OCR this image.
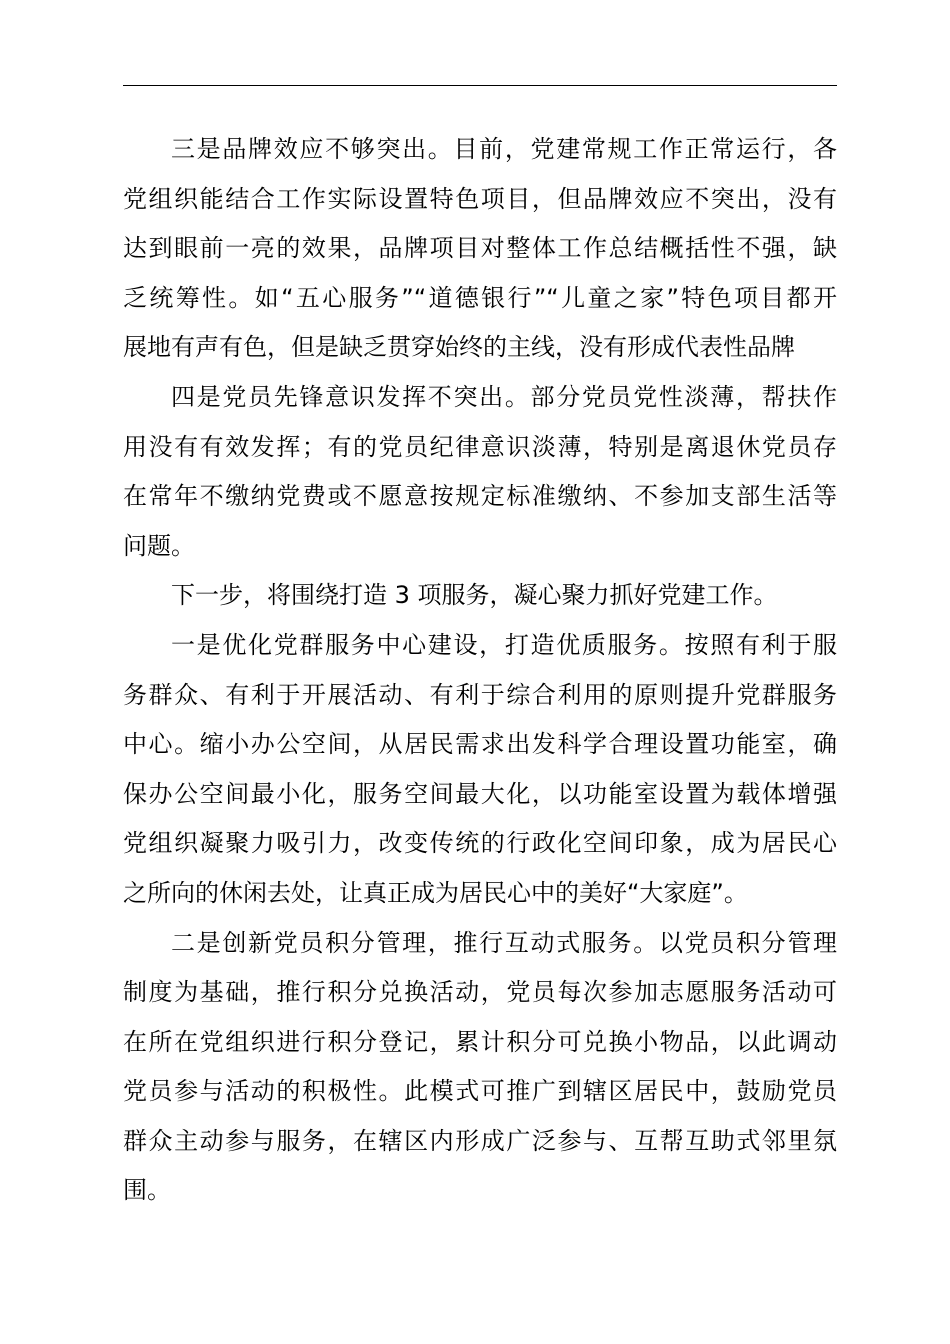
三是品牌效应不够突出。目前，党建常规工作正常运行，各
党组织能结合工作实际设置特色项目，但品牌效应不突出，没有
达到眼前一亮的效果，品牌项目对整体工作总结概括性不强，缺
乏统筹性。如“五心服务”“道德银行”“儿童之家”特色项目都开
展地有声有色，但是缺乏贯穿始终的主线，没有形成代表性品牌
四是党员先锋意识发挥不突出。部分党员党性淡薄，帮扶作
用没有有效发挥；有的党员纪律意识淡薄，特别是离退休党员存
在常年不缴纳党费或不愿意按规定标准缴纳、不参加支部生活等
问题。
下一步，将围绕打造 3 项服务，凝心聚力抓好党建工作。
一是优化党群服务中心建设，打造优质服务。按照有利于服
务群众、有利于开展活动、有利于综合利用的原则提升党群服务
中心。缩小办公空间，从居民需求出发科学合理设置功能室，确
保办公空间最小化，服务空间最大化，以功能室设置为载体增强
党组织凝聚力吸引力，改变传统的行政化空间印象，成为居民心
之所向的休闲去处，让真正成为居民心中的美好“大家庭”。
二是创新党员积分管理，推行互动式服务。以党员积分管理
制度为基础，推行积分兑换活动，党员每次参加志愿服务活动可
在所在党组织进行积分登记，累计积分可兑换小物品，以此调动
党员参与活动的积极性。此模式可推广到辖区居民中，鼓励党员
群众主动参与服务，在辖区内形成广泛参与、互帮互助式邻里氛
围。
